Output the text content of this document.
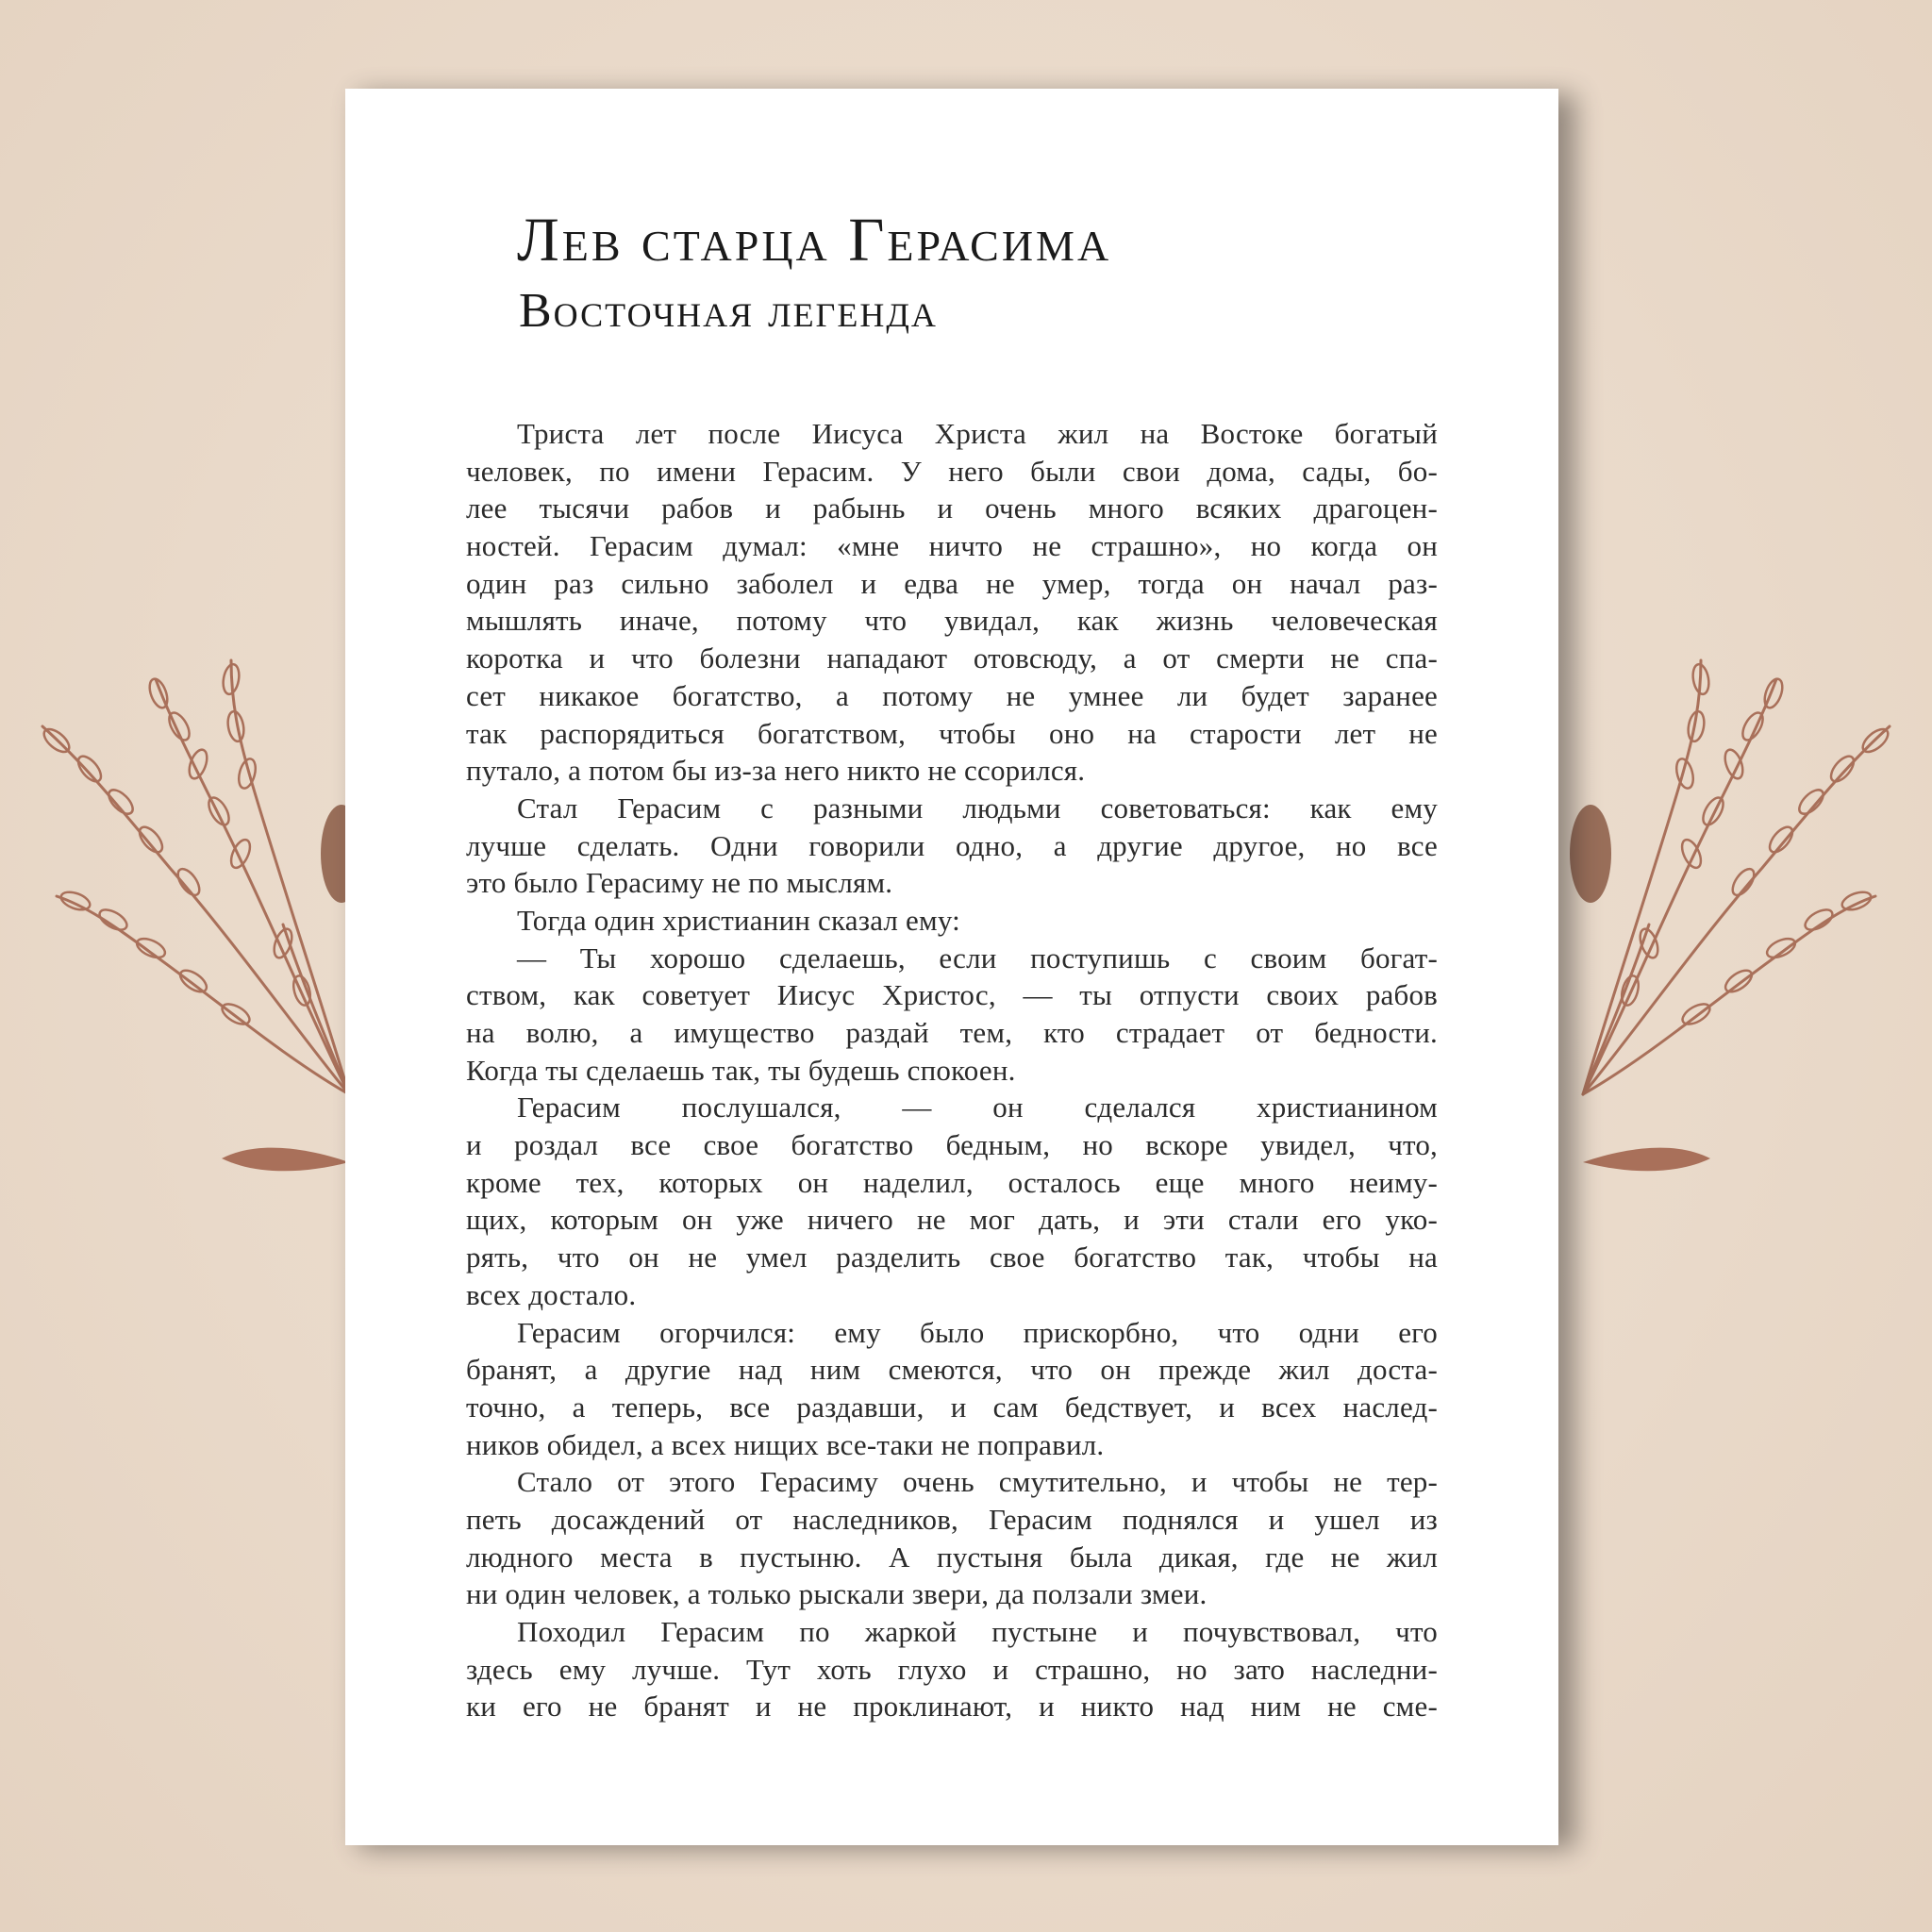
Лев старца Герасима
Восточная легенда
Триста лет после Иисуса Христа жил на Востоке богатый
человек, по имени Герасим. У него были свои дома, сады, бо-
лее тысячи рабов и рабынь и очень много всяких драгоцен-
ностей. Герасим думал: «мне ничто не страшно», но когда он
один раз сильно заболел и едва не умер, тогда он начал раз-
мышлять иначе, потому что увидал, как жизнь человеческая
коротка и что болезни нападают отовсюду, а от смерти не спа-
сет никакое богатство, а потому не умнее ли будет заранее
так распорядиться богатством, чтобы оно на старости лет не
путало, а потом бы из-за него никто не ссорился.
Стал Герасим с разными людьми советоваться: как ему
лучше сделать. Одни говорили одно, а другие другое, но все
это было Герасиму не по мыслям.
Тогда один христианин сказал ему:
— Ты хорошо сделаешь, если поступишь с своим богат-
ством, как советует Иисус Христос, — ты отпусти своих рабов
на волю, а имущество раздай тем, кто страдает от бедности.
Когда ты сделаешь так, ты будешь спокоен.
Герасим послушался, — он сделался христианином
и роздал все свое богатство бедным, но вскоре увидел, что,
кроме тех, которых он наделил, осталось еще много неиму-
щих, которым он уже ничего не мог дать, и эти стали его уко-
рять, что он не умел разделить свое богатство так, чтобы на
всех достало.
Герасим огорчился: ему было прискорбно, что одни его
бранят, а другие над ним смеются, что он прежде жил доста-
точно, а теперь, все раздавши, и сам бедствует, и всех наслед-
ников обидел, а всех нищих все-таки не поправил.
Стало от этого Герасиму очень смутительно, и чтобы не тер-
петь досаждений от наследников, Герасим поднялся и ушел из
людного места в пустыню. А пустыня была дикая, где не жил
ни один человек, а только рыскали звери, да ползали змеи.
Походил Герасим по жаркой пустыне и почувствовал, что
здесь ему лучше. Тут хоть глухо и страшно, но зато наследни-
ки его не бранят и не проклинают, и никто над ним не сме-
